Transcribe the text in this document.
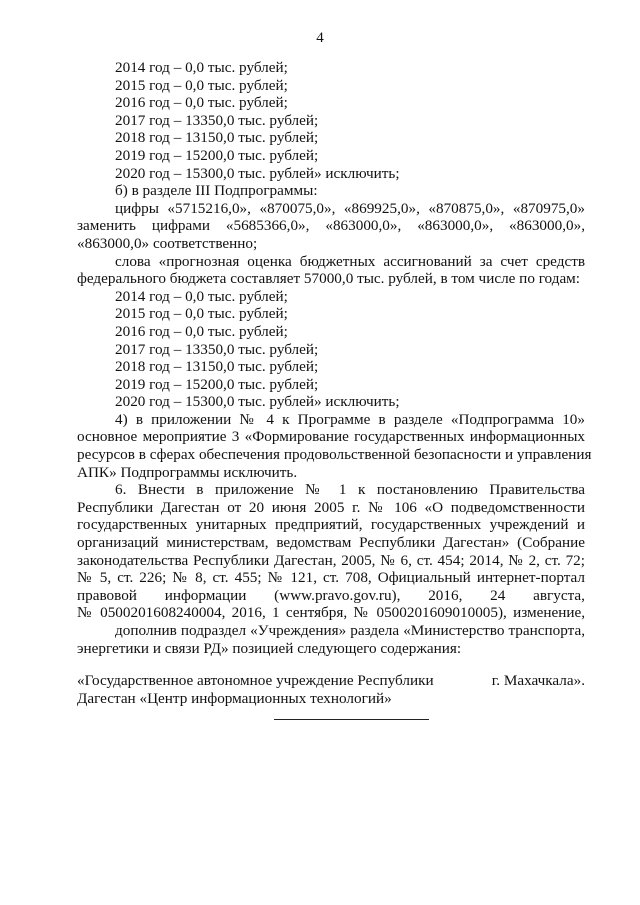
4
2014 год – 0,0 тыс. рублей;
2015 год – 0,0 тыс. рублей;
2016 год – 0,0 тыс. рублей;
2017 год – 13350,0 тыс. рублей;
2018 год – 13150,0 тыс. рублей;
2019 год – 15200,0 тыс. рублей;
2020 год – 15300,0 тыс. рублей» исключить;
б) в разделе III Подпрограммы:
цифры «5715216,0», «870075,0», «869925,0», «870875,0», «870975,0»
заменить цифрами «5685366,0», «863000,0», «863000,0», «863000,0»,
«863000,0» соответственно;
слова «прогнозная оценка бюджетных ассигнований за счет средств
федерального бюджета составляет 57000,0 тыс. рублей, в том числе по годам:
2014 год – 0,0 тыс. рублей;
2015 год – 0,0 тыс. рублей;
2016 год – 0,0 тыс. рублей;
2017 год – 13350,0 тыс. рублей;
2018 год – 13150,0 тыс. рублей;
2019 год – 15200,0 тыс. рублей;
2020 год – 15300,0 тыс. рублей» исключить;
4) в приложении № 4 к Программе в разделе «Подпрограмма 10»
основное мероприятие 3 «Формирование государственных информационных
ресурсов в сферах обеспечения продовольственной безопасности и управления
АПК» Подпрограммы исключить.
6. Внести в приложение № 1 к постановлению Правительства
Республики Дагестан от 20 июня 2005 г. № 106 «О подведомственности
государственных унитарных предприятий, государственных учреждений и
организаций министерствам, ведомствам Республики Дагестан» (Собрание
законодательства Республики Дагестан, 2005, № 6, ст. 454; 2014, № 2, ст. 72;
№ 5, ст. 226; № 8, ст. 455; № 121, ст. 708, Официальный интернет-портал
правовой информации (www.pravo.gov.ru), 2016, 24 августа,
№ 0500201608240004, 2016, 1 сентября, № 0500201609010005), изменение,
дополнив подраздел «Учреждения» раздела «Министерство транспорта,
энергетики и связи РД» позицией следующего содержания:
«Государственное автономное учреждение Республики	г. Махачкала».
Дагестан «Центр информационных технологий»
